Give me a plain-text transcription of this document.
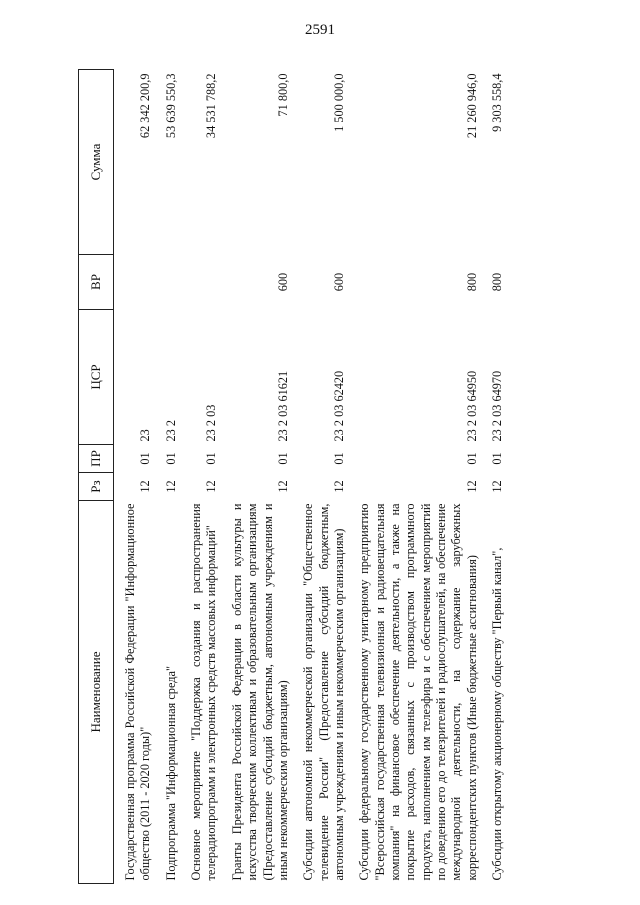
2591
Наименование	Рз	ПР	ЦСР	ВР	Сумма

Государственная программа Российской Федерации "Информационное общество (2011 - 2020 годы)"	12	01	23		62 342 200,9

Подпрограмма "Информационная среда"	12	01	23 2		53 639 550,3

Основное мероприятие "Поддержка создания и распространения телерадиопрограмм и электронных средств массовых информаций"	12	01	23 2 03		34 531 788,2

Гранты Президента Российской Федерации в области культуры и искусства творческим коллективам и образовательным организациям (Предоставление субсидий бюджетным, автономным учреждениям и иным некоммерческим организациям)	12	01	23 2 03 61621	600	71 800,0

Субсидии автономной некоммерческой организации "Общественное телевидение России" (Предоставление субсидий бюджетным, автономным учреждениям и иным некоммерческим организациям)	12	01	23 2 03 62420	600	1 500 000,0

Субсидии федеральному государственному унитарному предприятию "Всероссийская государственная телевизионная и радиовещательная компания" на финансовое обеспечение деятельности, а также на покрытие расходов, связанных с производством программного продукта, наполнением им телеэфира и с обеспечением мероприятий по доведению его до телезрителей и радиослушателей, на обеспечение международной деятельности, на содержание зарубежных корреспондентских пунктов (Иные бюджетные ассигнования)	12	01	23 2 03 64950	800	21 260 946,0

Субсидии открытому акционерному обществу "Первый канал",	12	01	23 2 03 64970	800	9 303 558,4
